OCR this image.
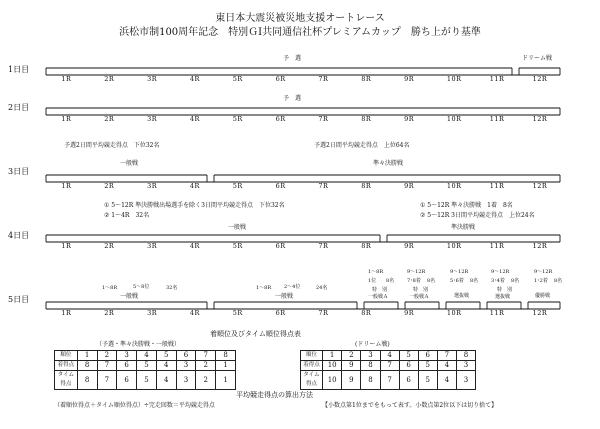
東日本大震災被災地支援オートレース
浜松市制100周年記念　特別ＧⅠ共同通信社杯プレミアムカップ　勝ち上がり基準
1日目
2日目
3日目
4日目
5日目
1R	2R	3R	4R	5R	6R	7R	8R	9R	10R	11R	12R
1R	2R	3R	4R	5R	6R	7R	8R	9R	10R	11R	12R
1R	2R	3R	4R	5R	6R	7R	8R	9R	10R	11R	12R
1R	2R	3R	4R	5R	6R	7R	8R	9R	10R	11R	12R
1R	2R	3R	4R	5R	6R	7R	8R	9R	10R	11R	12R
予　選	ドリーム戦
予　選
予選2日間平均競走得点　下位32名	予選2日間平均競走得点　上位64名
一般戦	準々決勝戦
① 5～12R 準決勝戦出場選手を除く3日間平均競走得点　下位32名
② 1～4R　32名
① 5～12R 準々決勝戦　1着　8名
② 5～12R 3日間平均競走得点　上位24名
一般戦	準決勝戦
1～8R	5～8位	32名
一般戦
1～8R	2～4位	24名
一般戦
1～8R
1位 8名
特　別
一般戦Ａ
9～12R
7･8着 8名
特　別
一般戦Ａ
9～12R
5･6着 8名
選抜戦
9～12R
3･4着 8名
特　別
選抜戦
9～12R
1･2着 8名
優勝戦
着順位及びタイム順位得点表
（予選・準々決勝戦・一般戦）	(ドリーム戦)
順位	1	2	3	4	5	6	7	8
着得点	8	7	6	5	4	3	2	1
タイム得点	8	7	6	5	4	3	2	1
順位	1	2	3	4	5	6	7	8
着得点	10	9	8	7	6	5	4	3
タイム得点	10	9	8	7	6	5	4	3
平均競走得点の算出方法
（着順位得点＋タイム順位得点）÷完走回数＝平均競走得点	【小数点第1位までをもって表す。小数点第2位以下は切り捨て】
